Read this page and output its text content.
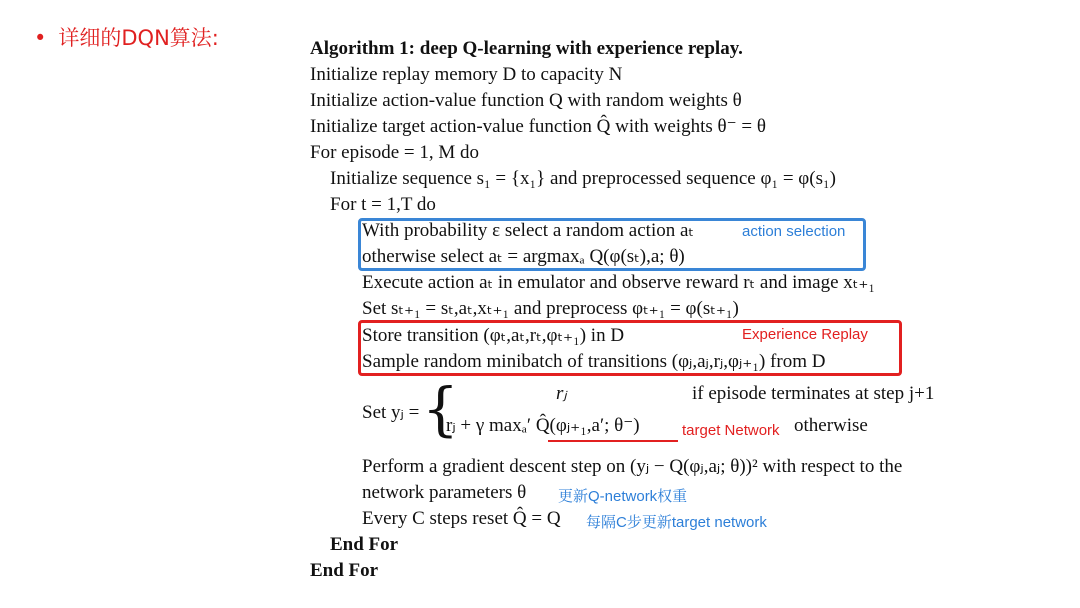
• 详细的DQN算法:	Algorithm 1: deep Q-learning with experience replay.
Initialize replay memory D to capacity N
Initialize action-value function Q with random weights θ
Initialize target action-value function Q̂ with weights θ⁻ = θ
For episode = 1, M do
Initialize sequence s₁ = {x₁} and preprocessed sequence φ₁ = φ(s₁)
For t = 1,T do
With probability ε select a random action aₜ
otherwise select aₜ = argmaxₐ Q(φ(sₜ),a; θ)
action selection
Execute action aₜ in emulator and observe reward rₜ and image xₜ₊₁
Set sₜ₊₁ = sₜ,aₜ,xₜ₊₁ and preprocess φₜ₊₁ = φ(sₜ₊₁)
Store transition (φₜ,aₜ,rₜ,φₜ₊₁) in D
Sample random minibatch of transitions (φⱼ,aⱼ,rⱼ,φⱼ₊₁) from D
Experience Replay
Set yⱼ = {	rⱼ	if episode terminates at step j+1
rⱼ + γ maxₐ′ Q̂(φⱼ₊₁,a′; θ⁻)	target Network otherwise
Perform a gradient descent step on (yⱼ − Q(φⱼ,aⱼ; θ))² with respect to the
network parameters θ 更新Q-network权重
Every C steps reset Q̂ = Q 每隔C步更新target network
End For
End For
